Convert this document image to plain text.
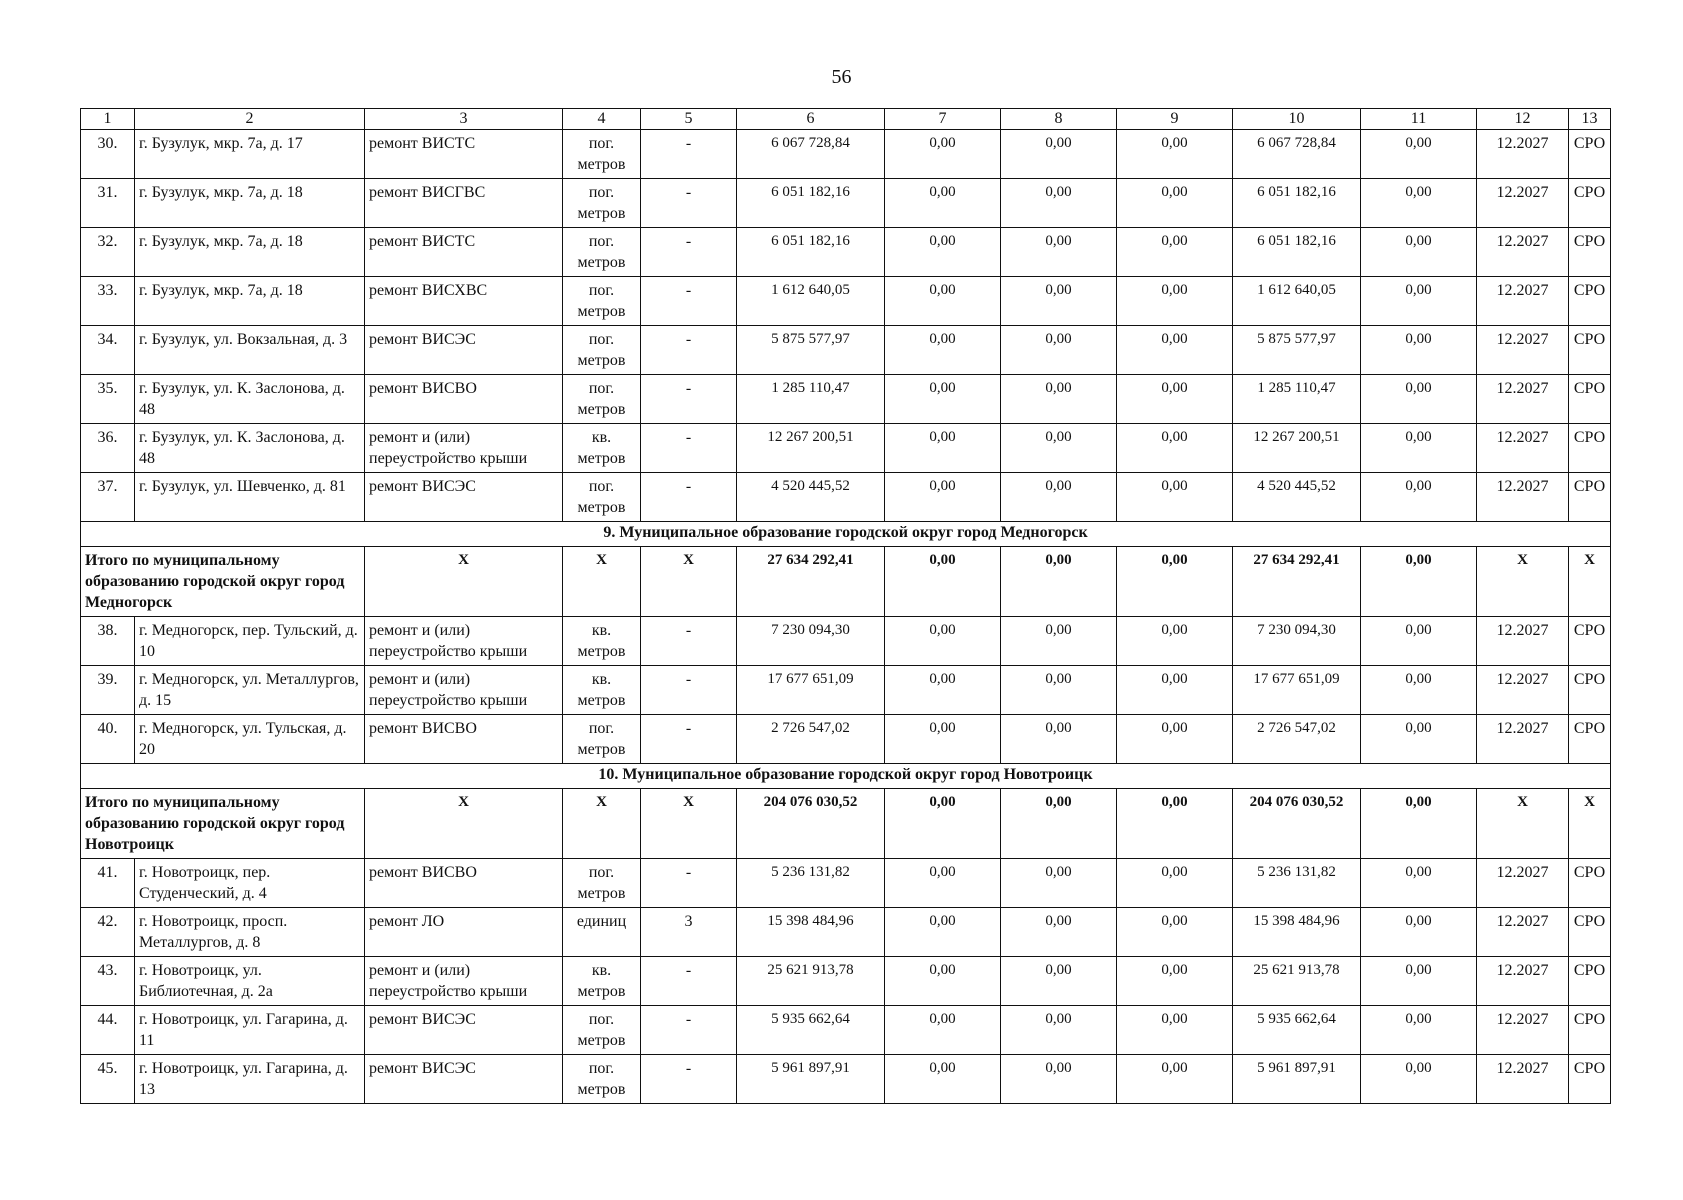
56
1	2	3	4	5	6	7	8	9	10	11	12	13
30.	г. Бузулук, мкр. 7а, д. 17	ремонт ВИСТС	пог. метров	-	6 067 728,84	0,00	0,00	0,00	6 067 728,84	0,00	12.2027	СРО
31.	г. Бузулук, мкр. 7а, д. 18	ремонт ВИСГВС	пог. метров	-	6 051 182,16	0,00	0,00	0,00	6 051 182,16	0,00	12.2027	СРО
32.	г. Бузулук, мкр. 7а, д. 18	ремонт ВИСТС	пог. метров	-	6 051 182,16	0,00	0,00	0,00	6 051 182,16	0,00	12.2027	СРО
33.	г. Бузулук, мкр. 7а, д. 18	ремонт ВИСХВС	пог. метров	-	1 612 640,05	0,00	0,00	0,00	1 612 640,05	0,00	12.2027	СРО
34.	г. Бузулук, ул. Вокзальная, д. 3	ремонт ВИСЭС	пог. метров	-	5 875 577,97	0,00	0,00	0,00	5 875 577,97	0,00	12.2027	СРО
35.	г. Бузулук, ул. К. Заслонова, д. 48	ремонт ВИСВО	пог. метров	-	1 285 110,47	0,00	0,00	0,00	1 285 110,47	0,00	12.2027	СРО
36.	г. Бузулук, ул. К. Заслонова, д. 48	ремонт и (или) переустройство крыши	кв. метров	-	12 267 200,51	0,00	0,00	0,00	12 267 200,51	0,00	12.2027	СРО
37.	г. Бузулук, ул. Шевченко, д. 81	ремонт ВИСЭС	пог. метров	-	4 520 445,52	0,00	0,00	0,00	4 520 445,52	0,00	12.2027	СРО
9. Муниципальное образование городской округ город Медногорск												
Итого по муниципальному образованию городской округ город Медногорск		Х	Х	Х	27 634 292,41	0,00	0,00	0,00	27 634 292,41	0,00	Х	Х
38.	г. Медногорск, пер. Тульский, д. 10	ремонт и (или) переустройство крыши	кв. метров	-	7 230 094,30	0,00	0,00	0,00	7 230 094,30	0,00	12.2027	СРО
39.	г. Медногорск, ул. Металлургов, д. 15	ремонт и (или) переустройство крыши	кв. метров	-	17 677 651,09	0,00	0,00	0,00	17 677 651,09	0,00	12.2027	СРО
40.	г. Медногорск, ул. Тульская, д. 20	ремонт ВИСВО	пог. метров	-	2 726 547,02	0,00	0,00	0,00	2 726 547,02	0,00	12.2027	СРО
10. Муниципальное образование городской округ город Новотроицк												
Итого по муниципальному образованию городской округ город Новотроицк		Х	Х	Х	204 076 030,52	0,00	0,00	0,00	204 076 030,52	0,00	Х	Х
41.	г. Новотроицк, пер. Студенческий, д. 4	ремонт ВИСВО	пог. метров	-	5 236 131,82	0,00	0,00	0,00	5 236 131,82	0,00	12.2027	СРО
42.	г. Новотроицк, просп. Металлургов, д. 8	ремонт ЛО	единиц	3	15 398 484,96	0,00	0,00	0,00	15 398 484,96	0,00	12.2027	СРО
43.	г. Новотроицк, ул. Библиотечная, д. 2а	ремонт и (или) переустройство крыши	кв. метров	-	25 621 913,78	0,00	0,00	0,00	25 621 913,78	0,00	12.2027	СРО
44.	г. Новотроицк, ул. Гагарина, д. 11	ремонт ВИСЭС	пог. метров	-	5 935 662,64	0,00	0,00	0,00	5 935 662,64	0,00	12.2027	СРО
45.	г. Новотроицк, ул. Гагарина, д. 13	ремонт ВИСЭС	пог. метров	-	5 961 897,91	0,00	0,00	0,00	5 961 897,91	0,00	12.2027	СРО
